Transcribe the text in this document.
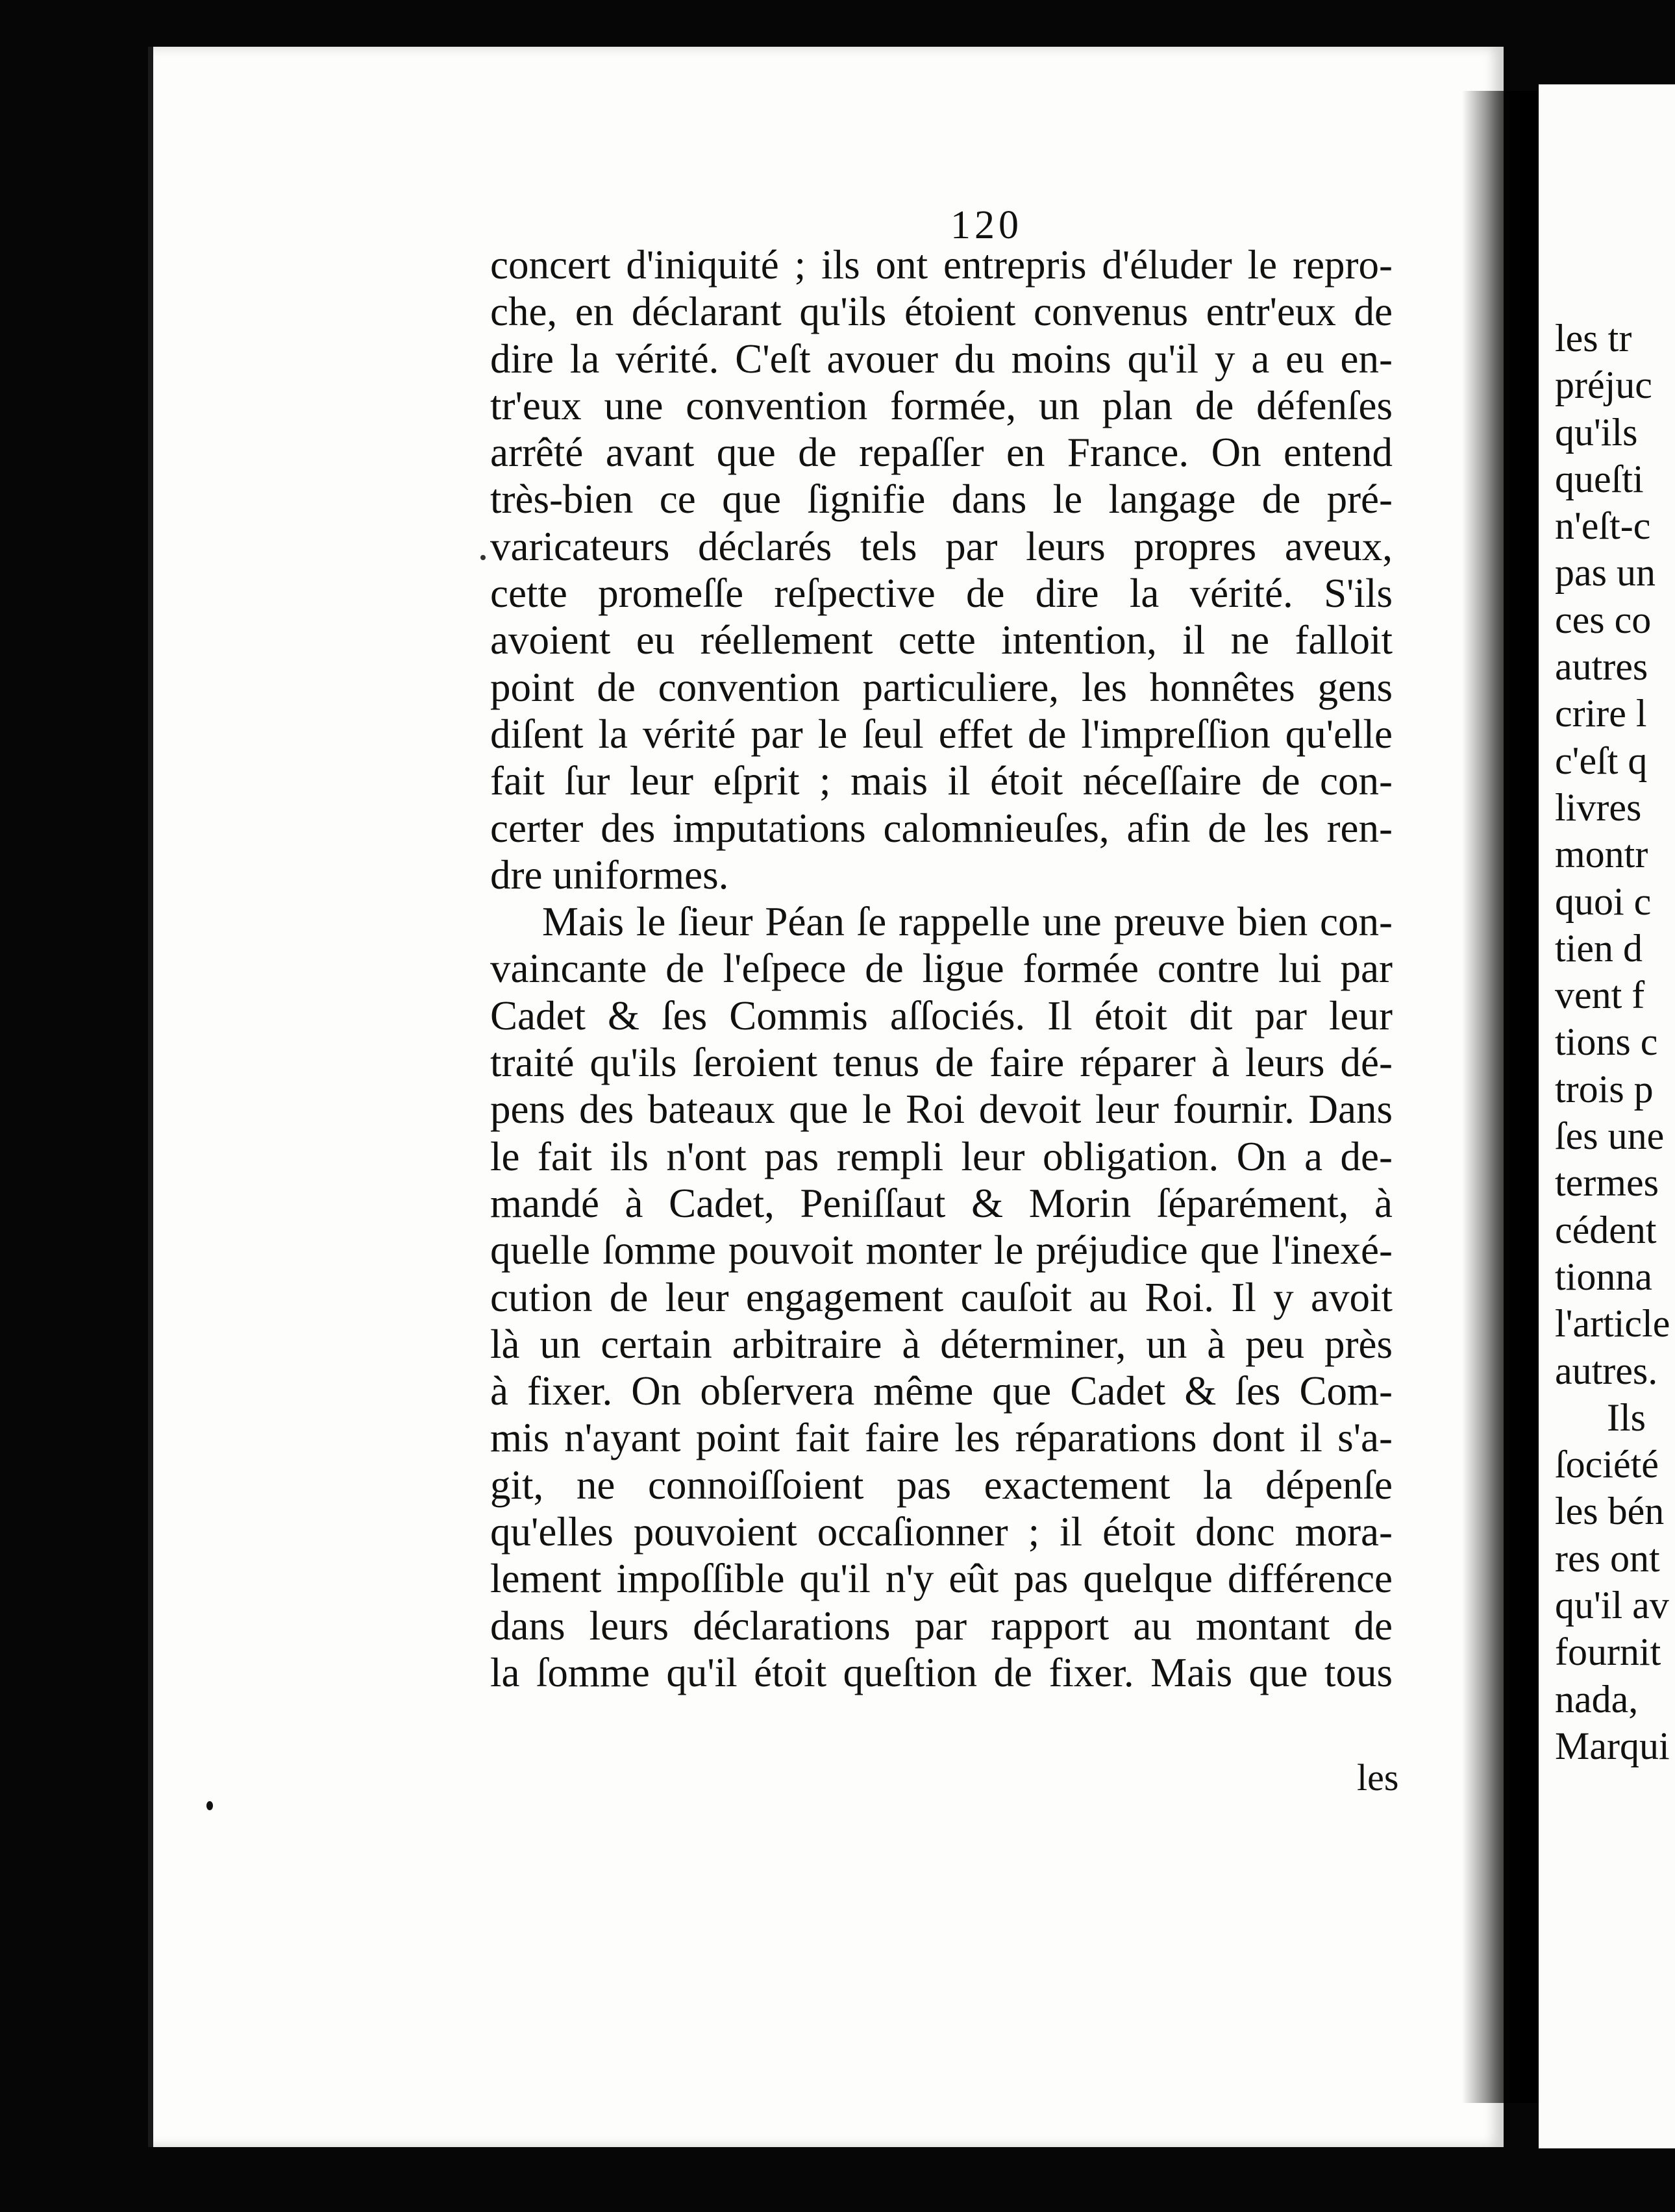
120
concert d'iniquité ; ils ont entrepris d'éluder le repro-
che, en déclarant qu'ils étoient convenus entr'eux de
dire la vérité. C'eſt avouer du moins qu'il y a eu en-
tr'eux une convention formée, un plan de défenſes
arrêté avant que de repaſſer en France. On entend
très-bien ce que ſignifie dans le langage de pré-
varicateurs déclarés tels par leurs propres aveux,
cette promeſſe reſpective de dire la vérité. S'ils
avoient eu réellement cette intention, il ne falloit
point de convention particuliere, les honnêtes gens
diſent la vérité par le ſeul effet de l'impreſſion qu'elle
fait ſur leur eſprit ; mais il étoit néceſſaire de con-
certer des imputations calomnieuſes, afin de les ren-
dre uniformes.
Mais le ſieur Péan ſe rappelle une preuve bien con-
vaincante de l'eſpece de ligue formée contre lui par
Cadet & ſes Commis aſſociés. Il étoit dit par leur
traité qu'ils ſeroient tenus de faire réparer à leurs dé-
pens des bateaux que le Roi devoit leur fournir. Dans
le fait ils n'ont pas rempli leur obligation. On a de-
mandé à Cadet, Peniſſaut & Morin ſéparément, à
quelle ſomme pouvoit monter le préjudice que l'inexé-
cution de leur engagement cauſoit au Roi. Il y avoit
là un certain arbitraire à déterminer, un à peu près
à fixer. On obſervera même que Cadet & ſes Com-
mis n'ayant point fait faire les réparations dont il s'a-
git, ne connoiſſoient pas exactement la dépenſe
qu'elles pouvoient occaſionner ; il étoit donc mora-
lement impoſſible qu'il n'y eût pas quelque différence
dans leurs déclarations par rapport au montant de
la ſomme qu'il étoit queſtion de fixer. Mais que tous
les
les tr
préjuc
qu'ils
queſti
n'eſt-c
pas un
ces co
autres
crire l
c'eſt q
livres
montr
quoi c
tien d
vent f
tions c
trois p
ſes une
termes
cédent
tionna
l'article
autres.
Ils
ſociété
les bén
res ont
qu'il av
fournit
nada,
Marqui
